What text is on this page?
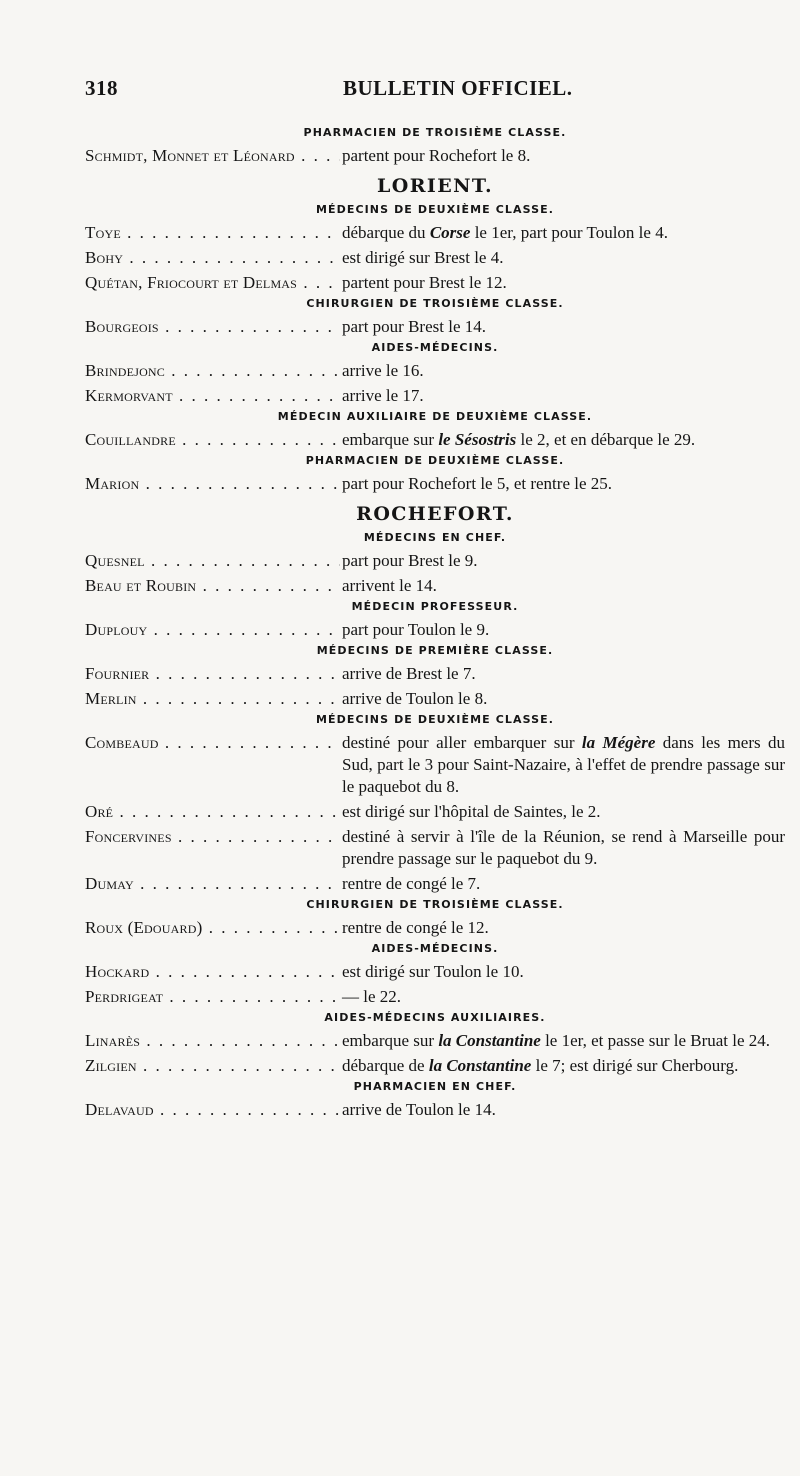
318	BULLETIN OFFICIEL.
PHARMACIEN DE TROISIÈME CLASSE.
Schmidt, Monnet et Léonard . . .	partent pour Rochefort le 8.
LORIENT.
MÉDECINS DE DEUXIÈME CLASSE.
Toye . . .	débarque du Corse le 1er, part pour Toulon le 4.
Bohy . . .	est dirigé sur Brest le 4.
Quétan, Friocourt et Delmas . . .	partent pour Brest le 12.
CHIRURGIEN DE TROISIÈME CLASSE.
Bourgeois . . .	part pour Brest le 14.
AIDES-MÉDECINS.
Brindejonc . . .	arrive le 16.
Kermorvant . . .	arrive le 17.
MÉDECIN AUXILIAIRE DE DEUXIÈME CLASSE.
Couillandre . . .	embarque sur le Sésostris le 2, et en débarque le 29.
PHARMACIEN DE DEUXIÈME CLASSE.
Marion . . .	part pour Rochefort le 5, et rentre le 25.
ROCHEFORT.
MÉDECINS EN CHEF.
Quesnel . . .	part pour Brest le 9.
Beau et Roubin . . .	arrivent le 14.
MÉDECIN PROFESSEUR.
Duplouy . . .	part pour Toulon le 9.
MÉDECINS DE PREMIÈRE CLASSE.
Fournier . . .	arrive de Brest le 7.
Merlin . . .	arrive de Toulon le 8.
MÉDECINS DE DEUXIÈME CLASSE.
Combeaud . . .	destiné pour aller embarquer sur la Mégère dans les mers du Sud, part le 3 pour Saint-Nazaire, à l'effet de prendre passage sur le paquebot du 8.
Oré . . .	est dirigé sur l'hôpital de Saintes, le 2.
Foncervines . . .	destiné à servir à l'île de la Réunion, se rend à Marseille pour prendre passage sur le paquebot du 9.
Dumay . . .	rentre de congé le 7.
CHIRURGIEN DE TROISIÈME CLASSE.
Roux (Edouard) . . .	rentre de congé le 12.
AIDES-MÉDECINS.
Hockard . . .	est dirigé sur Toulon le 10.
Perdrigeat . . .	— le 22.
AIDES-MÉDECINS AUXILIAIRES.
Linarès . . .	embarque sur la Constantine le 1er, et passe sur le Bruat le 24.
Zilgien . . .	débarque de la Constantine le 7; est dirigé sur Cherbourg.
PHARMACIEN EN CHEF.
Delavaud . . .	arrive de Toulon le 14.
